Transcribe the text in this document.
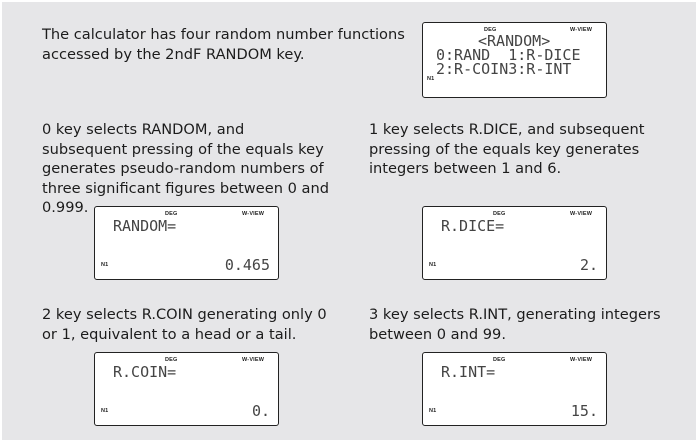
The calculator has four random number functions
accessed by the 2ndF RANDOM key.

DEG	W-VIEW
<RANDOM>
0:RAND  1:R-DICE
2:R-COIN3:R-INT
N1

0 key selects RANDOM, and
subsequent pressing of the equals key
generates pseudo-random numbers of
three significant figures between 0 and
0.999.	DEG	W-VIEW
RANDOM=
N1	0.465

1 key selects R.DICE, and subsequent
pressing of the equals key generates
integers between 1 and 6.

DEG	W-VIEW
R.DICE=
N1	2.

2 key selects R.COIN generating only 0
or 1, equivalent to a head or a tail.

DEG	W-VIEW
R.COIN=
N1	0.

3 key selects R.INT, generating integers
between 0 and 99.

DEG	W-VIEW
R.INT=
N1	15.
